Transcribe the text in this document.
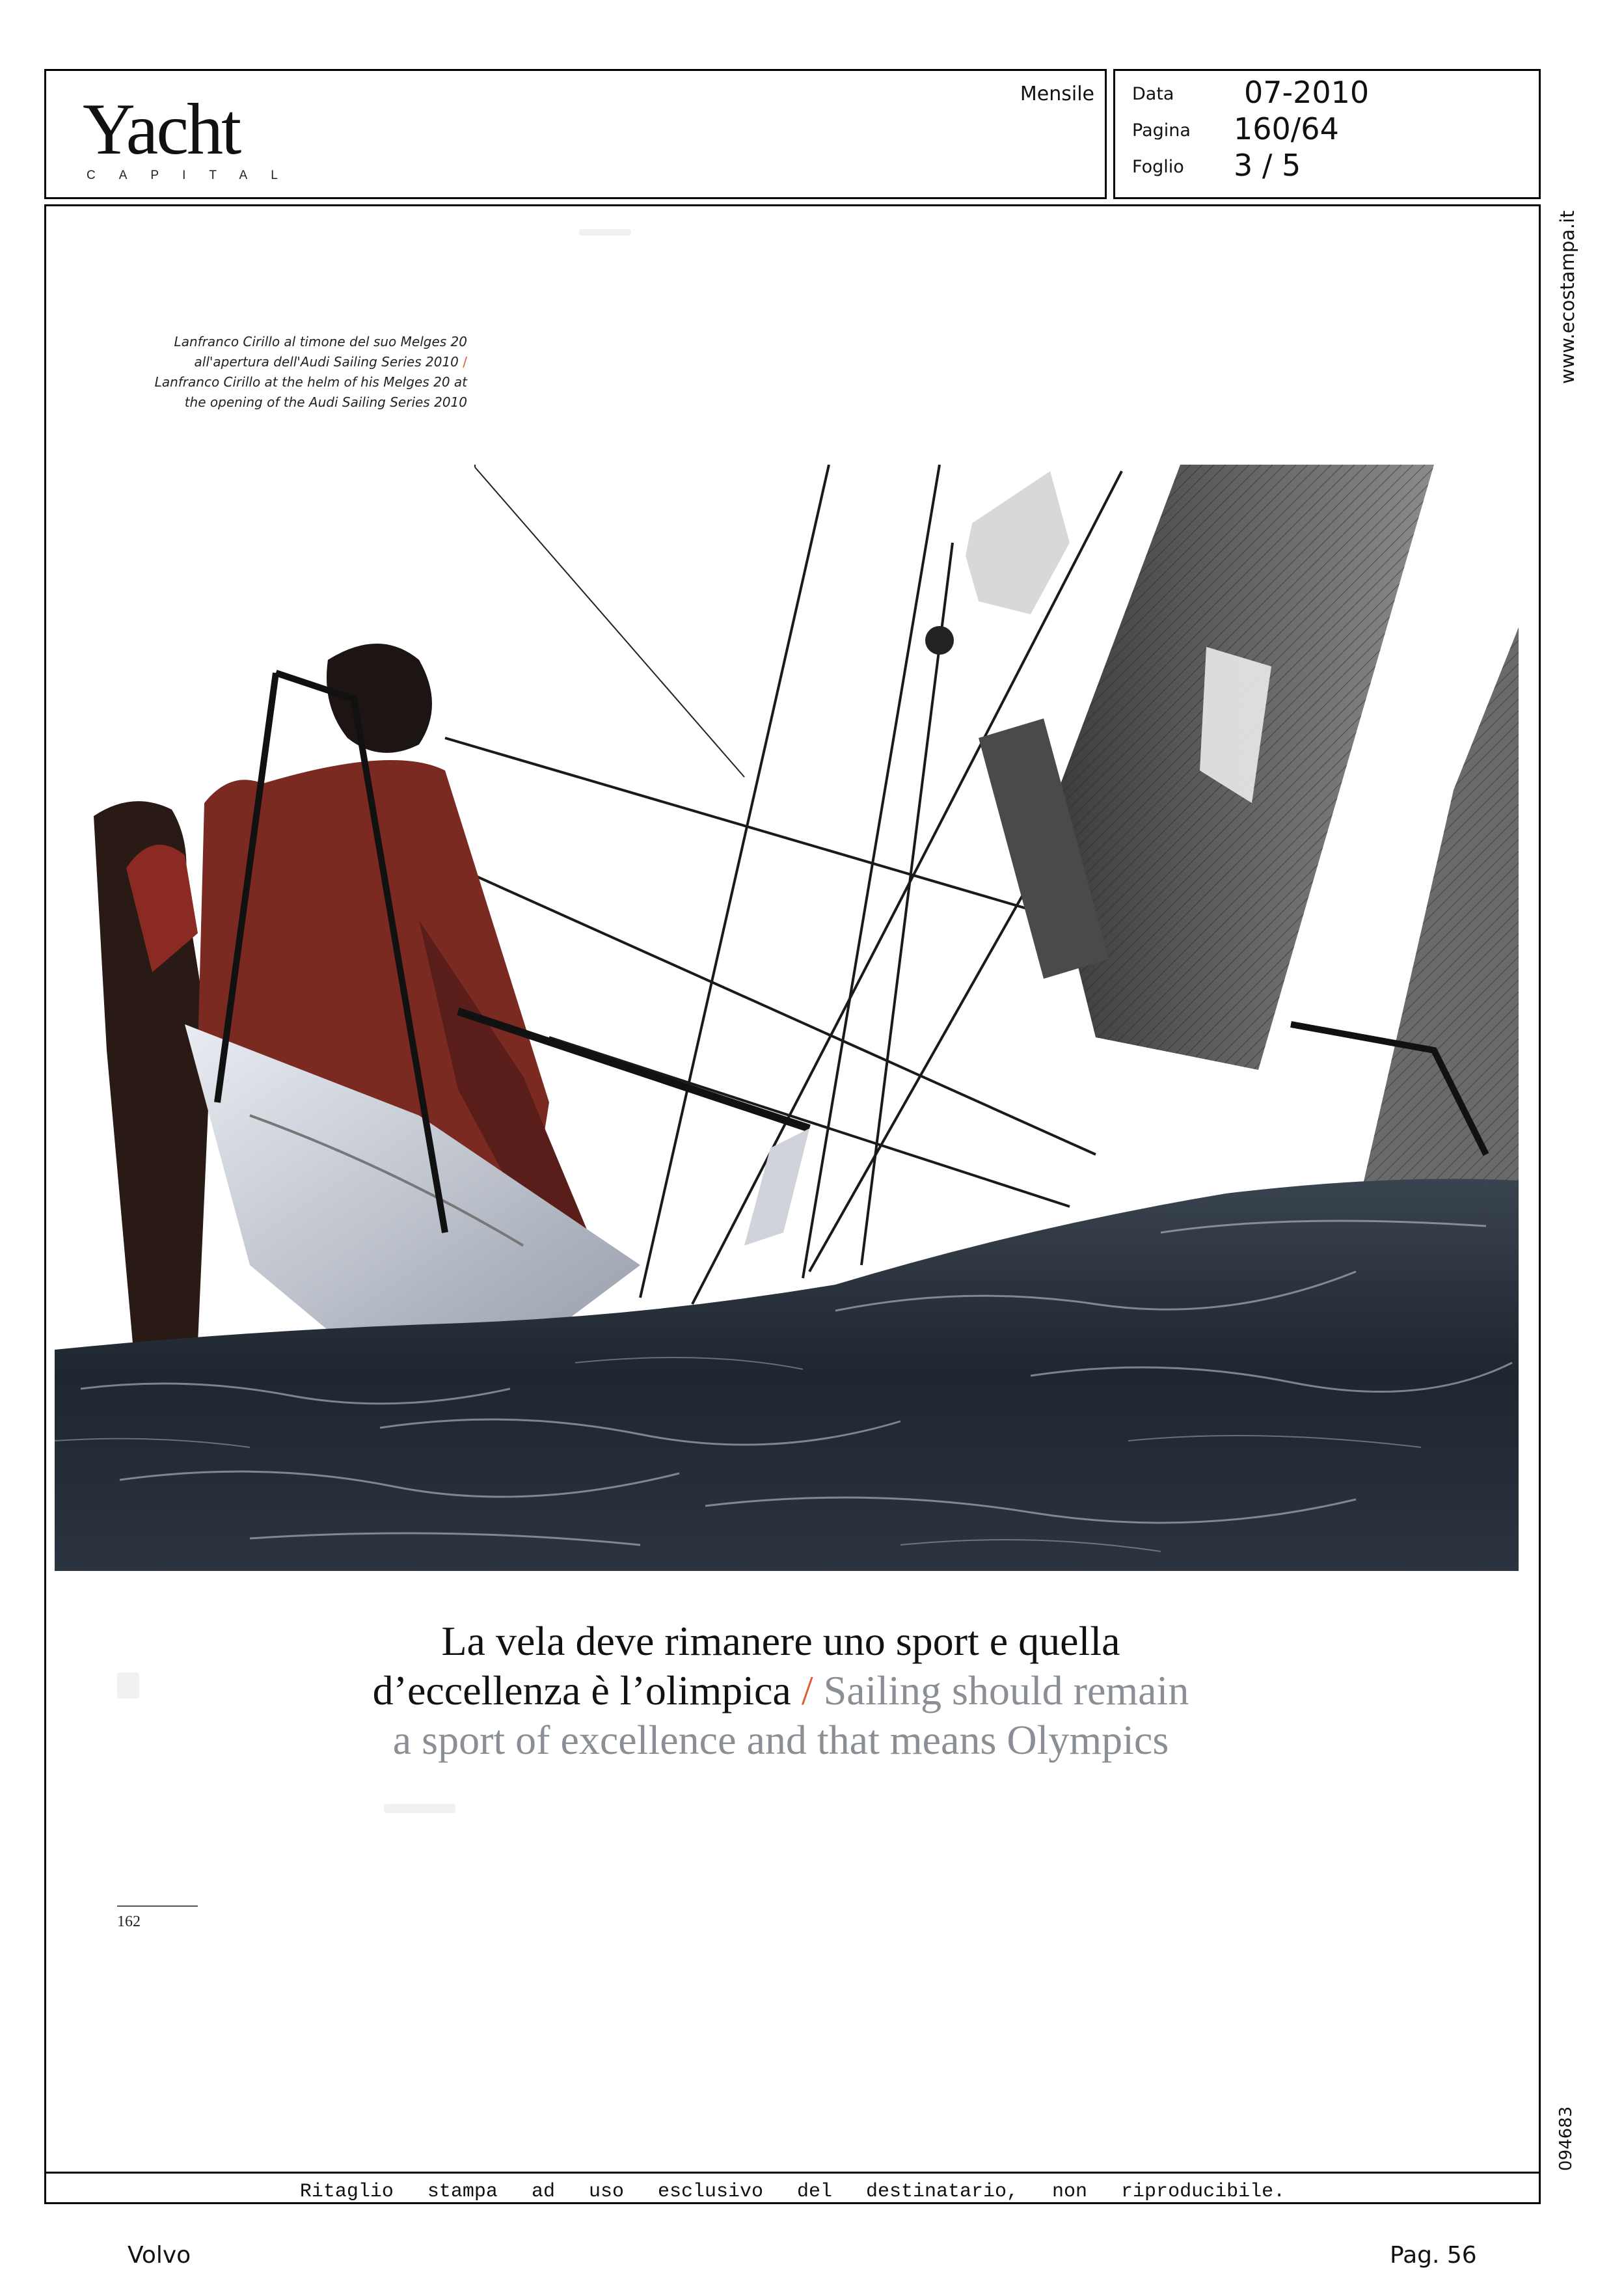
Yacht
CAPITAL
Mensile Data 07-2010
Pagina 160/64
Foglio 3 / 5
www.ecostampa.it
094683
Ritaglio stampa ad uso esclusivo del destinatario, non riproducibile.
Lanfranco Cirillo al timone del suo Melges 20
all'apertura dell'Audi Sailing Series 2010 /
Lanfranco Cirillo at the helm of his Melges 20 at
the opening of the Audi Sailing Series 2010
La vela deve rimanere uno sport e quella
d’eccellenza è l’olimpica / Sailing should remain
a sport of excellence and that means Olympics
162
Volvo	Pag. 56
